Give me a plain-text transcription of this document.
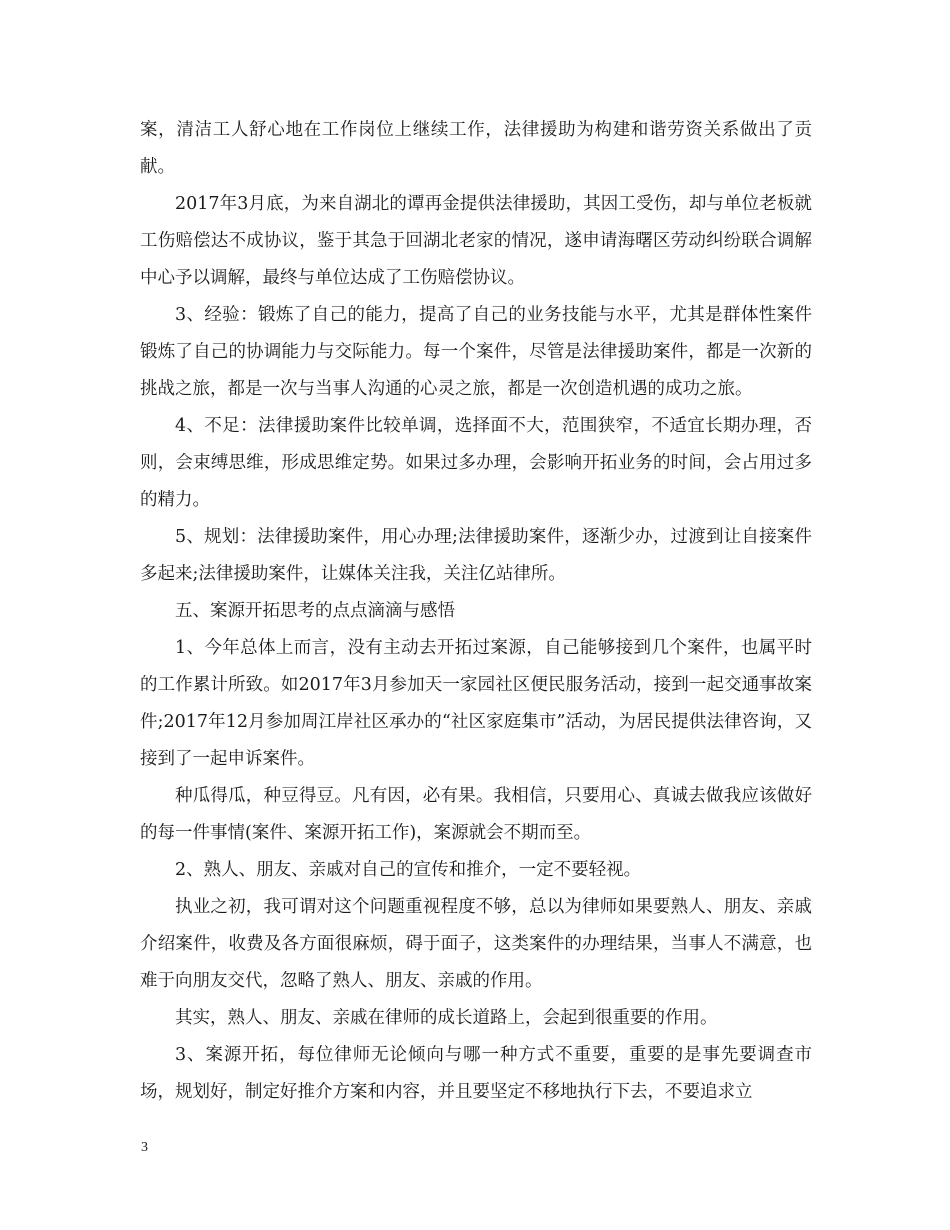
案，清洁工人舒心地在工作岗位上继续工作，法律援助为构建和谐劳资关系做出了贡献。

2017年3月底，为来自湖北的谭再金提供法律援助，其因工受伤，却与单位老板就工伤赔偿达不成协议，鉴于其急于回湖北老家的情况，遂申请海曙区劳动纠纷联合调解中心予以调解，最终与单位达成了工伤赔偿协议。

3、经验：锻炼了自己的能力，提高了自己的业务技能与水平，尤其是群体性案件锻炼了自己的协调能力与交际能力。每一个案件，尽管是法律援助案件，都是一次新的挑战之旅，都是一次与当事人沟通的心灵之旅，都是一次创造机遇的成功之旅。

4、不足：法律援助案件比较单调，选择面不大，范围狭窄，不适宜长期办理，否则，会束缚思维，形成思维定势。如果过多办理，会影响开拓业务的时间，会占用过多的精力。

5、规划：法律援助案件，用心办理;法律援助案件，逐渐少办，过渡到让自接案件多起来;法律援助案件，让媒体关注我，关注亿站律所。

五、案源开拓思考的点点滴滴与感悟

1、今年总体上而言，没有主动去开拓过案源，自己能够接到几个案件，也属平时的工作累计所致。如2017年3月参加天一家园社区便民服务活动，接到一起交通事故案件;2017年12月参加周江岸社区承办的“社区家庭集市”活动，为居民提供法律咨询，又接到了一起申诉案件。

种瓜得瓜，种豆得豆。凡有因，必有果。我相信，只要用心、真诚去做我应该做好的每一件事情(案件、案源开拓工作)，案源就会不期而至。

2、熟人、朋友、亲戚对自己的宣传和推介，一定不要轻视。

执业之初，我可谓对这个问题重视程度不够，总以为律师如果要熟人、朋友、亲戚介绍案件，收费及各方面很麻烦，碍于面子，这类案件的办理结果，当事人不满意，也难于向朋友交代，忽略了熟人、朋友、亲戚的作用。

其实，熟人、朋友、亲戚在律师的成长道路上，会起到很重要的作用。

3、案源开拓，每位律师无论倾向与哪一种方式不重要，重要的是事先要调查市场，规划好，制定好推介方案和内容，并且要坚定不移地执行下去，不要追求立

3
